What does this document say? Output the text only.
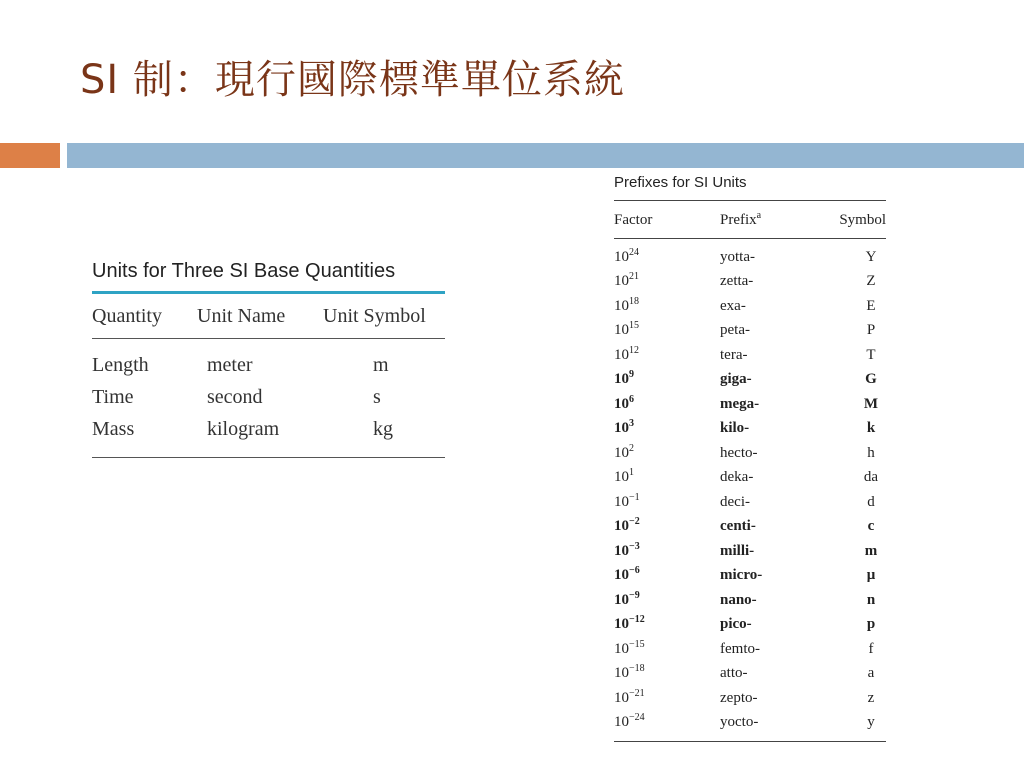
SI 制：現行國際標準單位系統
Units for Three SI Base Quantities
Quantity	Unit Name	Unit Symbol
Length	meter	m
Time	second	s
Mass	kilogram	kg
Prefixes for SI Units
Factor	Prefix$^a$	Symbol
$10^{24}$	yotta-	Y
$10^{21}$	zetta-	Z
$10^{18}$	exa-	E
$10^{15}$	peta-	P
$10^{12}$	tera-	T
$10^9$	giga-	G
$10^6$	mega-	M
$10^3$	kilo-	k
$10^2$	hecto-	h
$10^1$	deka-	da
$10^{-1}$	deci-	d
$10^{-2}$	centi-	c
$10^{-3}$	milli-	m
$10^{-6}$	micro-	μ
$10^{-9}$	nano-	n
$10^{-12}$	pico-	p
$10^{-15}$	femto-	f
$10^{-18}$	atto-	a
$10^{-21}$	zepto-	z
$10^{-24}$	yocto-	y
